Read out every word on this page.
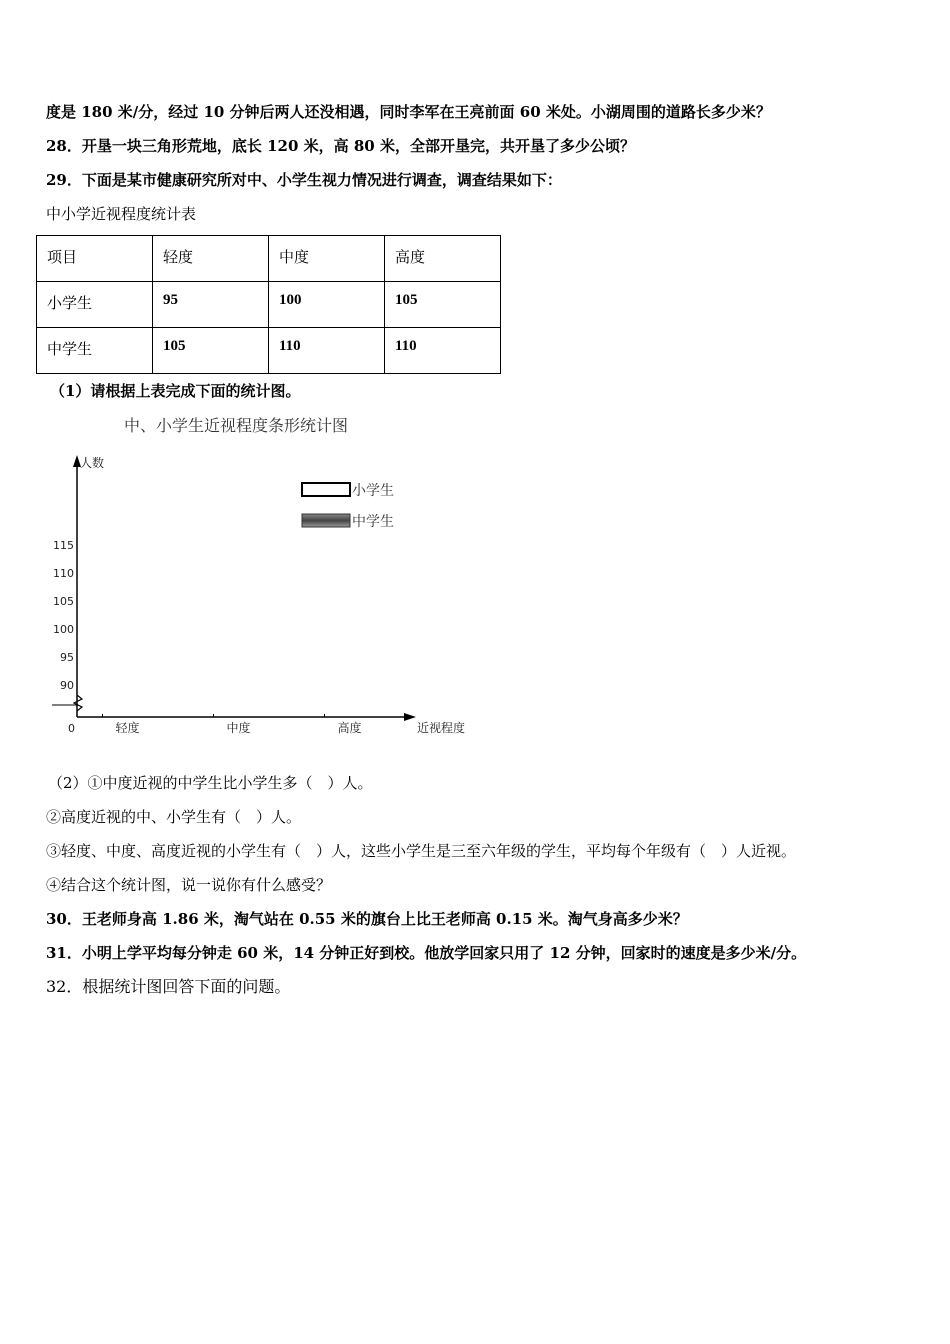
度是 180 米/分，经过 10 分钟后两人还没相遇，同时李军在王亮前面 60 米处。小湖周围的道路长多少米？
28．开垦一块三角形荒地，底长 120 米，高 80 米，全部开垦完，共开垦了多少公顷？
29．下面是某市健康研究所对中、小学生视力情况进行调查，调查结果如下：
中小学近视程度统计表
项目	轻度	中度	高度
小学生	95	100	105
中学生	105	110	110
（1）请根据上表完成下面的统计图。
中、小学生近视程度条形统计图
人数
近视程度
0
小学生
中学生
90
95
100
105
110
115
轻度	中度	高度
（2）①中度近视的中学生比小学生多（　）人。
②高度近视的中、小学生有（　）人。
③轻度、中度、高度近视的小学生有（　）人，这些小学生是三至六年级的学生，平均每个年级有（　）人近视。
④结合这个统计图，说一说你有什么感受？
30．王老师身高 1.86 米，淘气站在 0.55 米的旗台上比王老师高 0.15 米。淘气身高多少米？
31．小明上学平均每分钟走 60 米，14 分钟正好到校。他放学回家只用了 12 分钟，回家时的速度是多少米/分。
32．根据统计图回答下面的问题。
